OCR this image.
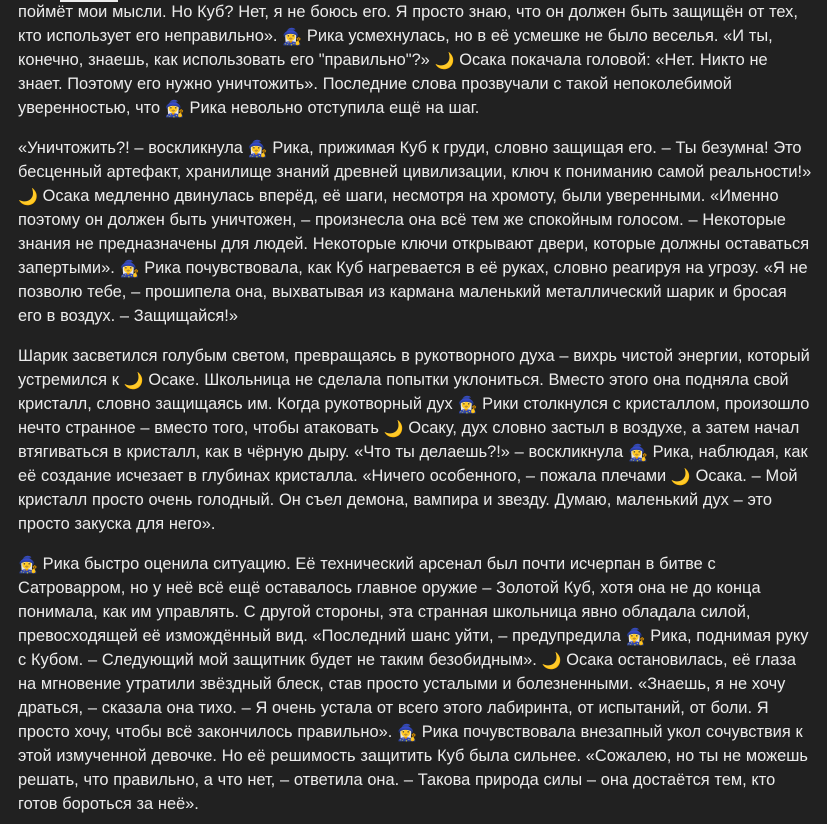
поймёт мои мысли. Но Куб? Нет, я не боюсь его. Я просто знаю, что он должен быть защищён от тех, кто использует его неправильно». 🧙‍♀️ Рика усмехнулась, но в её усмешке не было веселья. «И ты, конечно, знаешь, как использовать его "правильно"?» 🌙 Осака покачала головой: «Нет. Никто не знает. Поэтому его нужно уничтожить». Последние слова прозвучали с такой непоколебимой уверенностью, что 🧙‍♀️ Рика невольно отступила ещё на шаг.

«Уничтожить?! – воскликнула 🧙‍♀️ Рика, прижимая Куб к груди, словно защищая его. – Ты безумна! Это бесценный артефакт, хранилище знаний древней цивилизации, ключ к пониманию самой реальности!» 🌙 Осака медленно двинулась вперёд, её шаги, несмотря на хромоту, были уверенными. «Именно поэтому он должен быть уничтожен, – произнесла она всё тем же спокойным голосом. – Некоторые знания не предназначены для людей. Некоторые ключи открывают двери, которые должны оставаться запертыми». 🧙‍♀️ Рика почувствовала, как Куб нагревается в её руках, словно реагируя на угрозу. «Я не позволю тебе, – прошипела она, выхватывая из кармана маленький металлический шарик и бросая его в воздух. – Защищайся!»

Шарик засветился голубым светом, превращаясь в рукотворного духа – вихрь чистой энергии, который устремился к 🌙 Осаке. Школьница не сделала попытки уклониться. Вместо этого она подняла свой кристалл, словно защищаясь им. Когда рукотворный дух 🧙‍♀️ Рики столкнулся с кристаллом, произошло нечто странное – вместо того, чтобы атаковать 🌙 Осаку, дух словно застыл в воздухе, а затем начал втягиваться в кристалл, как в чёрную дыру. «Что ты делаешь?!» – воскликнула 🧙‍♀️ Рика, наблюдая, как её создание исчезает в глубинах кристалла. «Ничего особенного, – пожала плечами 🌙 Осака. – Мой кристалл просто очень голодный. Он съел демона, вампира и звезду. Думаю, маленький дух – это просто закуска для него».

🧙‍♀️ Рика быстро оценила ситуацию. Её технический арсенал был почти исчерпан в битве с Сатроварром, но у неё всё ещё оставалось главное оружие – Золотой Куб, хотя она не до конца понимала, как им управлять. С другой стороны, эта странная школьница явно обладала силой, превосходящей её измождённый вид. «Последний шанс уйти, – предупредила 🧙‍♀️ Рика, поднимая руку с Кубом. – Следующий мой защитник будет не таким безобидным». 🌙 Осака остановилась, её глаза на мгновение утратили звёздный блеск, став просто усталыми и болезненными. «Знаешь, я не хочу драться, – сказала она тихо. – Я очень устала от всего этого лабиринта, от испытаний, от боли. Я просто хочу, чтобы всё закончилось правильно». 🧙‍♀️ Рика почувствовала внезапный укол сочувствия к этой измученной девочке. Но её решимость защитить Куб была сильнее. «Сожалею, но ты не можешь решать, что правильно, а что нет, – ответила она. – Такова природа силы – она достаётся тем, кто готов бороться за неё».
